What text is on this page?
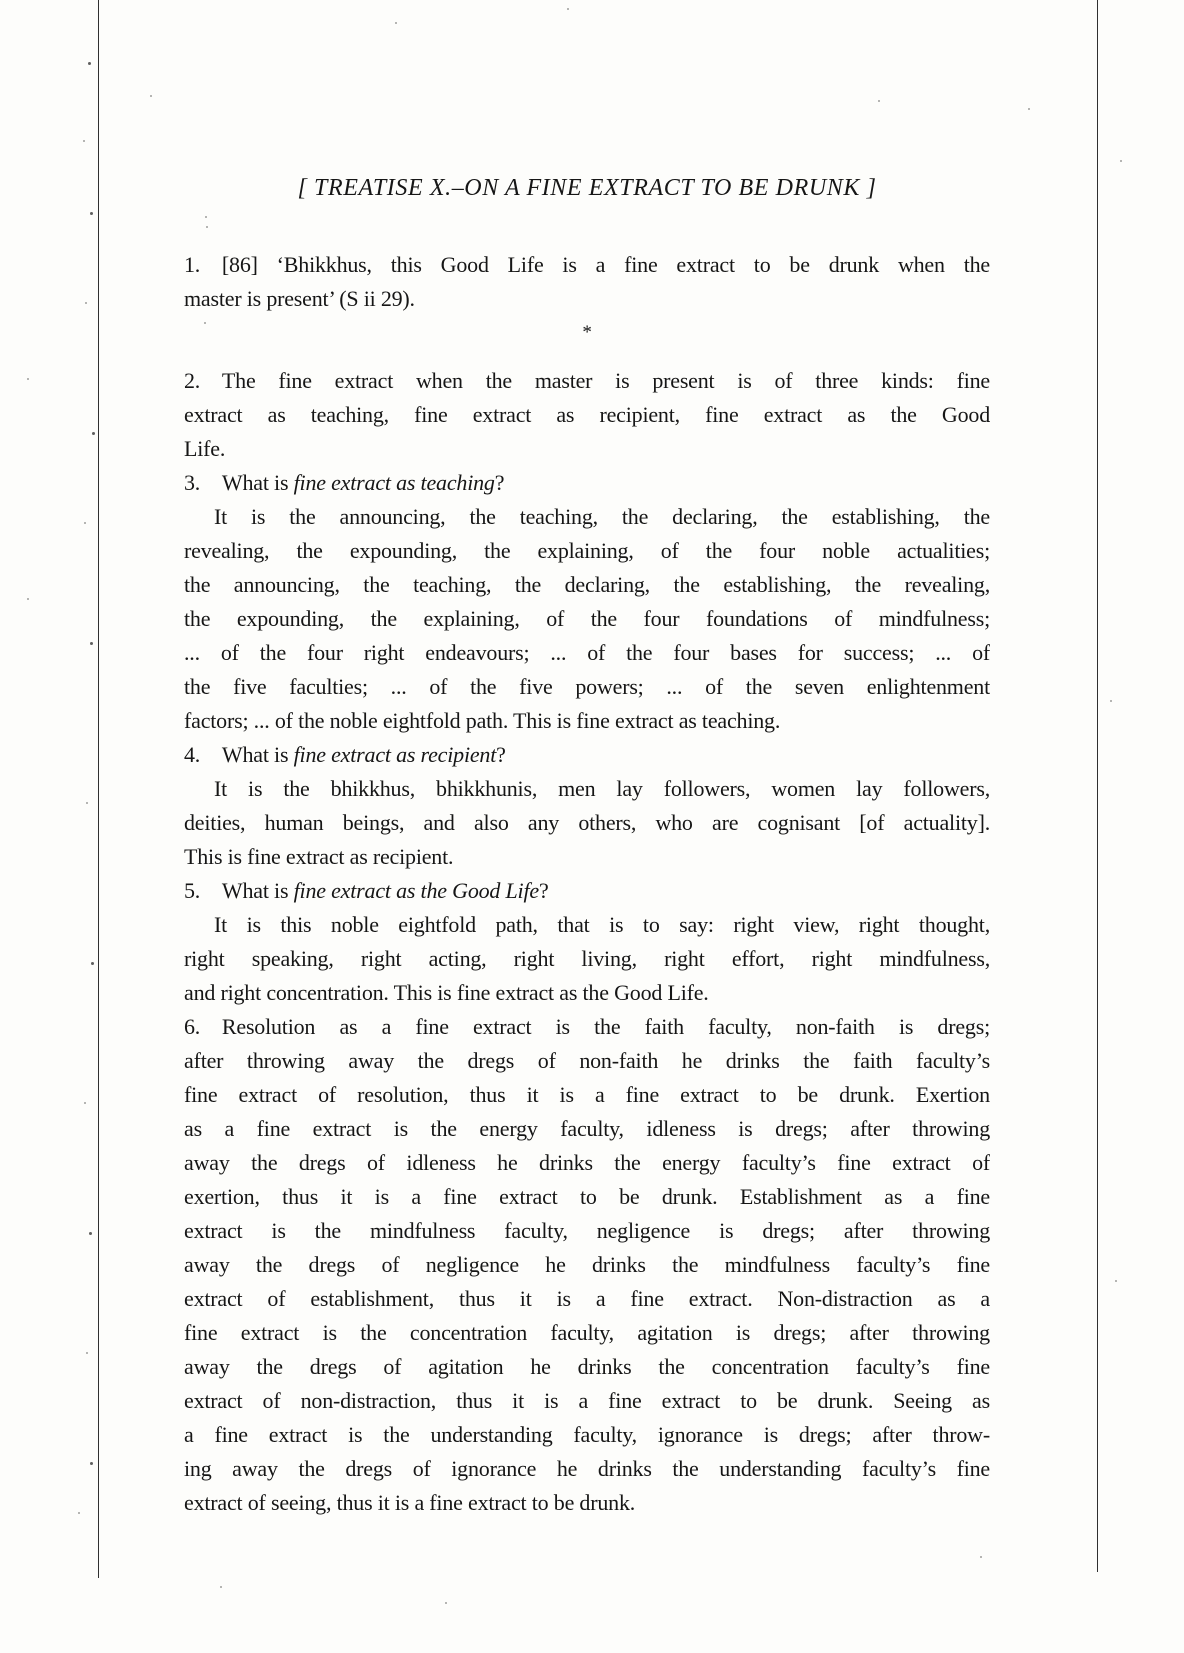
[ TREATISE X.–ON A FINE EXTRACT TO BE DRUNK ]
1. [86] ‘Bhikkhus, this Good Life is a fine extract to be drunk when the
master is present’ (S ii 29).
*
2. The fine extract when the master is present is of three kinds: fine
extract as teaching, fine extract as recipient, fine extract as the Good
Life.
3. What is fine extract as teaching?
It is the announcing, the teaching, the declaring, the establishing, the
revealing, the expounding, the explaining, of the four noble actualities;
the announcing, the teaching, the declaring, the establishing, the revealing,
the expounding, the explaining, of the four foundations of mindfulness;
... of the four right endeavours; ... of the four bases for success; ... of
the five faculties; ... of the five powers; ... of the seven enlightenment
factors; ... of the noble eightfold path. This is fine extract as teaching.
4. What is fine extract as recipient?
It is the bhikkhus, bhikkhunis, men lay followers, women lay followers,
deities, human beings, and also any others, who are cognisant [of actuality].
This is fine extract as recipient.
5. What is fine extract as the Good Life?
It is this noble eightfold path, that is to say: right view, right thought,
right speaking, right acting, right living, right effort, right mindfulness,
and right concentration. This is fine extract as the Good Life.
6. Resolution as a fine extract is the faith faculty, non-faith is dregs;
after throwing away the dregs of non-faith he drinks the faith faculty’s
fine extract of resolution, thus it is a fine extract to be drunk. Exertion
as a fine extract is the energy faculty, idleness is dregs; after throwing
away the dregs of idleness he drinks the energy faculty’s fine extract of
exertion, thus it is a fine extract to be drunk. Establishment as a fine
extract is the mindfulness faculty, negligence is dregs; after throwing
away the dregs of negligence he drinks the mindfulness faculty’s fine
extract of establishment, thus it is a fine extract. Non-distraction as a
fine extract is the concentration faculty, agitation is dregs; after throwing
away the dregs of agitation he drinks the concentration faculty’s fine
extract of non-distraction, thus it is a fine extract to be drunk. Seeing as
a fine extract is the understanding faculty, ignorance is dregs; after throw-
ing away the dregs of ignorance he drinks the understanding faculty’s fine
extract of seeing, thus it is a fine extract to be drunk.
